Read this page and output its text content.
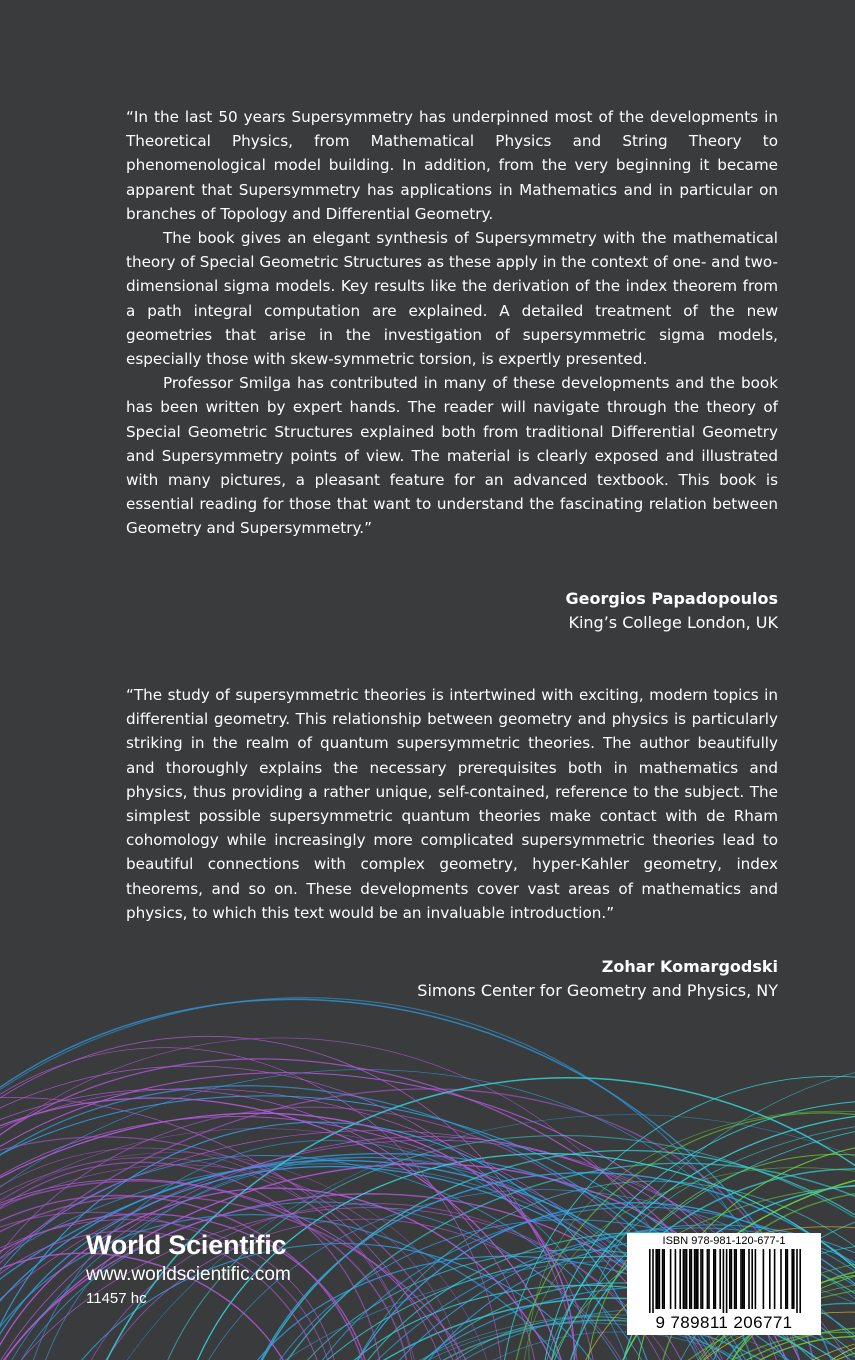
“In the last 50 years Supersymmetry has underpinned most of the developments in Theoretical Physics, from Mathematical Physics and String Theory to phenomenological model building. In addition, from the very beginning it became apparent that Supersymmetry has applications in Mathematics and in particular on branches of Topology and Differential Geometry.

The book gives an elegant synthesis of Supersymmetry with the mathematical theory of Special Geometric Structures as these apply in the context of one- and two-dimensional sigma models. Key results like the derivation of the index theorem from a path integral computation are explained. A detailed treatment of the new geometries that arise in the investigation of supersymmetric sigma models, especially those with skew-symmetric torsion, is expertly presented.

Professor Smilga has contributed in many of these developments and the book has been written by expert hands. The reader will navigate through the theory of Special Geometric Structures explained both from traditional Differential Geometry and Supersymmetry points of view. The material is clearly exposed and illustrated with many pictures, a pleasant feature for an advanced textbook. This book is essential reading for those that want to understand the fascinating relation between Geometry and Supersymmetry.”

Georgios Papadopoulos
King’s College London, UK

“The study of supersymmetric theories is intertwined with exciting, modern topics in differential geometry. This relationship between geometry and physics is particularly striking in the realm of quantum supersymmetric theories. The author beautifully and thoroughly explains the necessary prerequisites both in mathematics and physics, thus providing a rather unique, self-contained, reference to the subject. The simplest possible supersymmetric quantum theories make contact with de Rham cohomology while increasingly more complicated supersymmetric theories lead to beautiful connections with complex geometry, hyper-Kahler geometry, index theorems, and so on. These developments cover vast areas of mathematics and physics, to which this text would be an invaluable introduction.”

Zohar Komargodski
Simons Center for Geometry and Physics, NY
World Scientific
www.worldscientific.com
11457 hc
ISBN 978-981-120-677-1
9 789811 206771
